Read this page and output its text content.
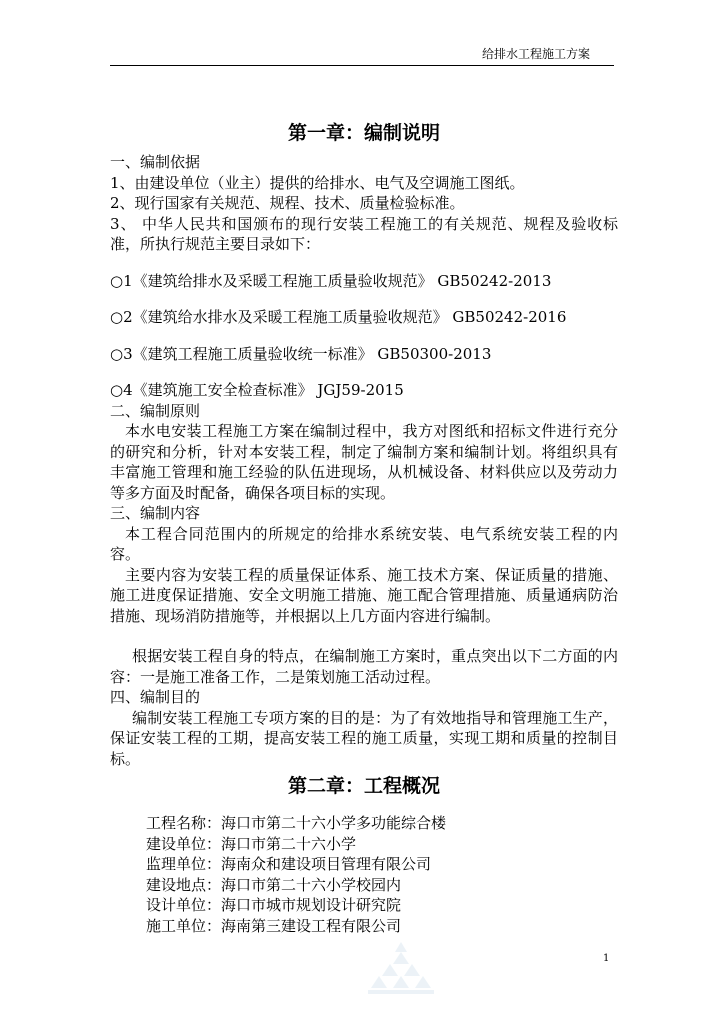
给排水工程施工方案
第一章：编制说明

一、编制依据

1、由建设单位（业主）提供的给排水、电气及空调施工图纸。

2、现行国家有关规范、规程、技术、质量检验标准。

3、 中华人民共和国颁布的现行安装工程施工的有关规范、规程及验收标准，所执行规范主要目录如下：

○1《建筑给排水及采暖工程施工质量验收规范》 GB50242-2013

○2《建筑给水排水及采暖工程施工质量验收规范》 GB50242-2016

○3《建筑工程施工质量验收统一标准》 GB50300-2013

○4《建筑施工安全检查标准》 JGJ59-2015

二、编制原则

本水电安装工程施工方案在编制过程中，我方对图纸和招标文件进行充分的研究和分析，针对本安装工程，制定了编制方案和编制计划。将组织具有丰富施工管理和施工经验的队伍进现场，从机械设备、材料供应以及劳动力等多方面及时配备，确保各项目标的实现。

三、编制内容

本工程合同范围内的所规定的给排水系统安装、电气系统安装工程的内容。

主要内容为安装工程的质量保证体系、施工技术方案、保证质量的措施、施工进度保证措施、安全文明施工措施、施工配合管理措施、质量通病防治措施、现场消防措施等，并根据以上几方面内容进行编制。

根据安装工程自身的特点，在编制施工方案时，重点突出以下二方面的内容：一是施工准备工作，二是策划施工活动过程。

四、编制目的

编制安装工程施工专项方案的目的是：为了有效地指导和管理施工生产，保证安装工程的工期，提高安装工程的施工质量，实现工期和质量的控制目标。

第二章：工程概况

工程名称：海口市第二十六小学多功能综合楼

建设单位：海口市第二十六小学

监理单位：海南众和建设项目管理有限公司

建设地点：海口市第二十六小学校园内

设计单位：海口市城市规划设计研究院

施工单位：海南第三建设工程有限公司

1
